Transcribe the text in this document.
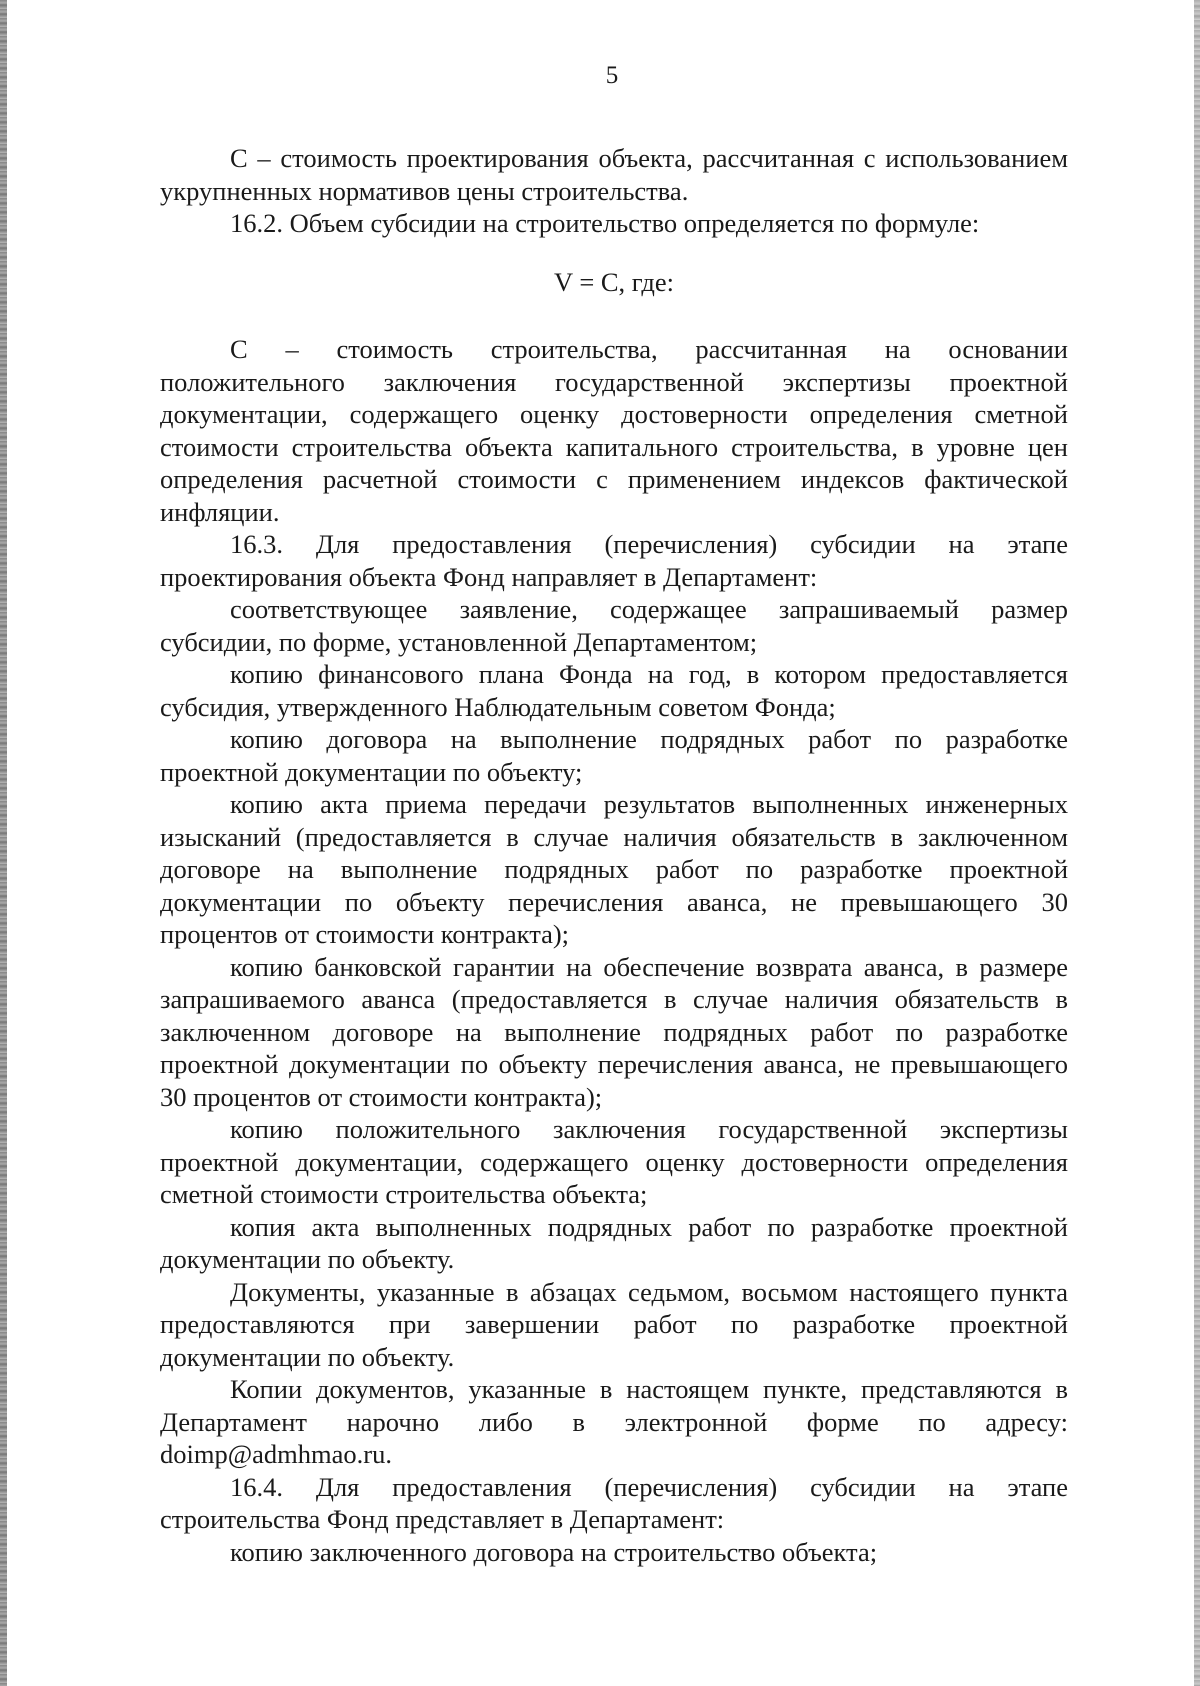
5

С – стоимость проектирования объекта, рассчитанная с использованием укрупненных нормативов цены строительства.

16.2. Объем субсидии на строительство определяется по формуле:

V = С, где:

С – стоимость строительства, рассчитанная на основании положительного заключения государственной экспертизы проектной документации, содержащего оценку достоверности определения сметной стоимости строительства объекта капитального строительства, в уровне цен определения расчетной стоимости с применением индексов фактической инфляции.

16.3. Для предоставления (перечисления) субсидии на этапе проектирования объекта Фонд направляет в Департамент:

соответствующее заявление, содержащее запрашиваемый размер субсидии, по форме, установленной Департаментом;

копию финансового плана Фонда на год, в котором предоставляется субсидия, утвержденного Наблюдательным советом Фонда;

копию договора на выполнение подрядных работ по разработке проектной документации по объекту;

копию акта приема передачи результатов выполненных инженерных изысканий (предоставляется в случае наличия обязательств в заключенном договоре на выполнение подрядных работ по разработке проектной документации по объекту перечисления аванса, не превышающего 30 процентов от стоимости контракта);

копию банковской гарантии на обеспечение возврата аванса, в размере запрашиваемого аванса (предоставляется в случае наличия обязательств в заключенном договоре на выполнение подрядных работ по разработке проектной документации по объекту перечисления аванса, не превышающего 30 процентов от стоимости контракта);

копию положительного заключения государственной экспертизы проектной документации, содержащего оценку достоверности определения сметной стоимости строительства объекта;

копия акта выполненных подрядных работ по разработке проектной документации по объекту.

Документы, указанные в абзацах седьмом, восьмом настоящего пункта предоставляются при завершении работ по разработке проектной документации по объекту.

Копии документов, указанные в настоящем пункте, представляются в Департамент нарочно либо в электронной форме по адресу: doimp@admhmao.ru.

16.4. Для предоставления (перечисления) субсидии на этапе строительства Фонд представляет в Департамент:

копию заключенного договора на строительство объекта;
